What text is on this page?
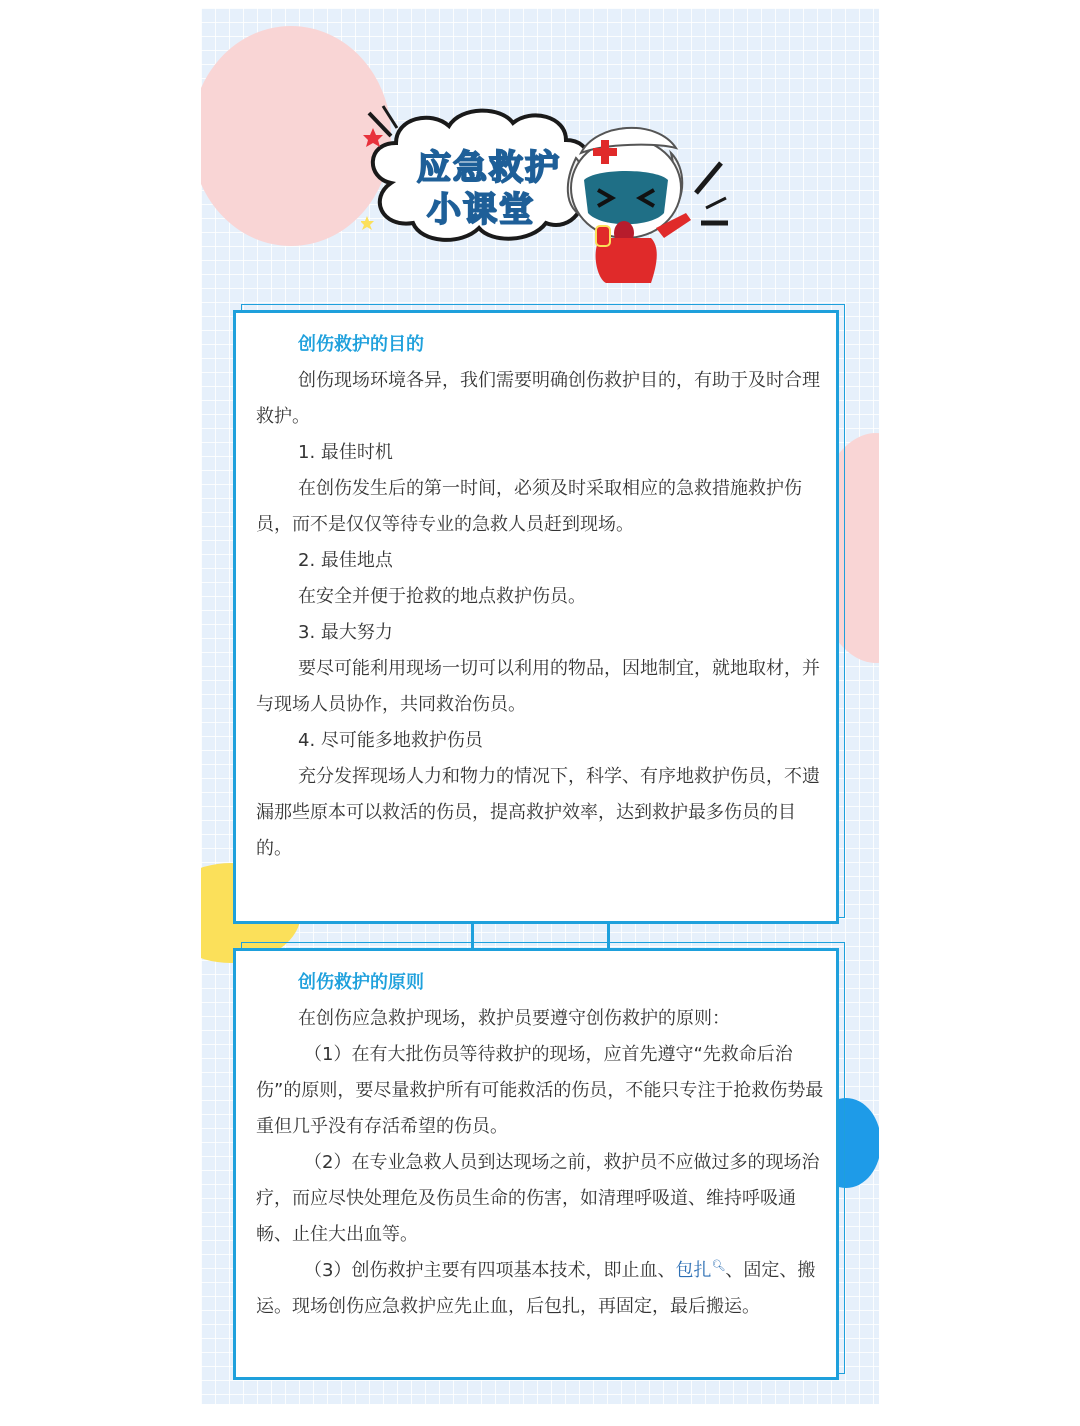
应急救护
小课堂
创伤救护的目的

创伤现场环境各异，我们需要明确创伤救护目的，有助于及时合理救护。

1. 最佳时机

在创伤发生后的第一时间，必须及时采取相应的急救措施救护伤员，而不是仅仅等待专业的急救人员赶到现场。

2. 最佳地点

在安全并便于抢救的地点救护伤员。

3. 最大努力

要尽可能利用现场一切可以利用的物品，因地制宜，就地取材，并与现场人员协作，共同救治伤员。

4. 尽可能多地救护伤员

充分发挥现场人力和物力的情况下，科学、有序地救护伤员，不遗漏那些原本可以救活的伤员，提高救护效率，达到救护最多伤员的目的。

创伤救护的原则

在创伤应急救护现场，救护员要遵守创伤救护的原则：

（1）在有大批伤员等待救护的现场，应首先遵守“先救命后治伤”的原则，要尽量救护所有可能救活的伤员，不能只专注于抢救伤势最重但几乎没有存活希望的伤员。

（2）在专业急救人员到达现场之前，救护员不应做过多的现场治疗，而应尽快处理危及伤员生命的伤害，如清理呼吸道、维持呼吸通畅、止住大出血等。

（3）创伤救护主要有四项基本技术，即止血、包扎🔍︎、固定、搬运。现场创伤应急救护应先止血，后包扎，再固定，最后搬运。
